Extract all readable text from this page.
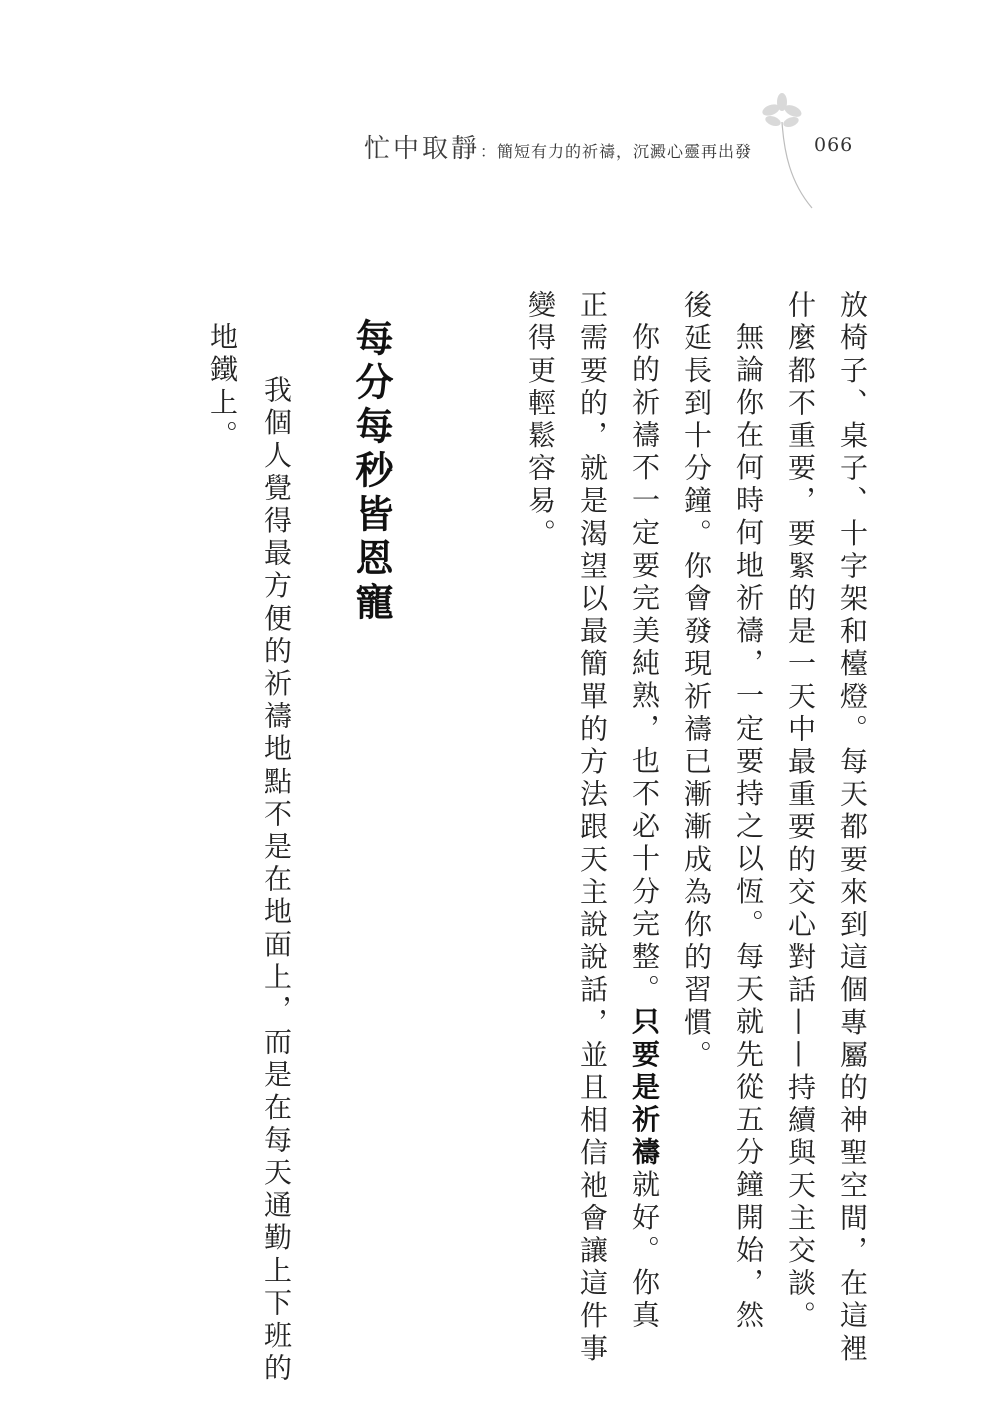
忙中取靜 ：簡短有力的祈禱，沉澱心靈再出發	066
放椅子、桌子、十字架和檯燈。每天都要來到這個專屬的神聖空間，在這裡
什麼都不重要，要緊的是一天中最重要的交心對話——持續與天主交談。
無論你在何時何地祈禱，一定要持之以恆。每天就先從五分鐘開始，然
後延長到十分鐘。你會發現祈禱已漸漸成為你的習慣。
你的祈禱不一定要完美純熟，也不必十分完整。只要是祈禱就好。你真
正需要的，就是渴望以最簡單的方法跟天主說說話，並且相信祂會讓這件事
變得更輕鬆容易。
每分每秒皆恩寵
我個人覺得最方便的祈禱地點不是在地面上，而是在每天通勤上下班的
地鐵上。
